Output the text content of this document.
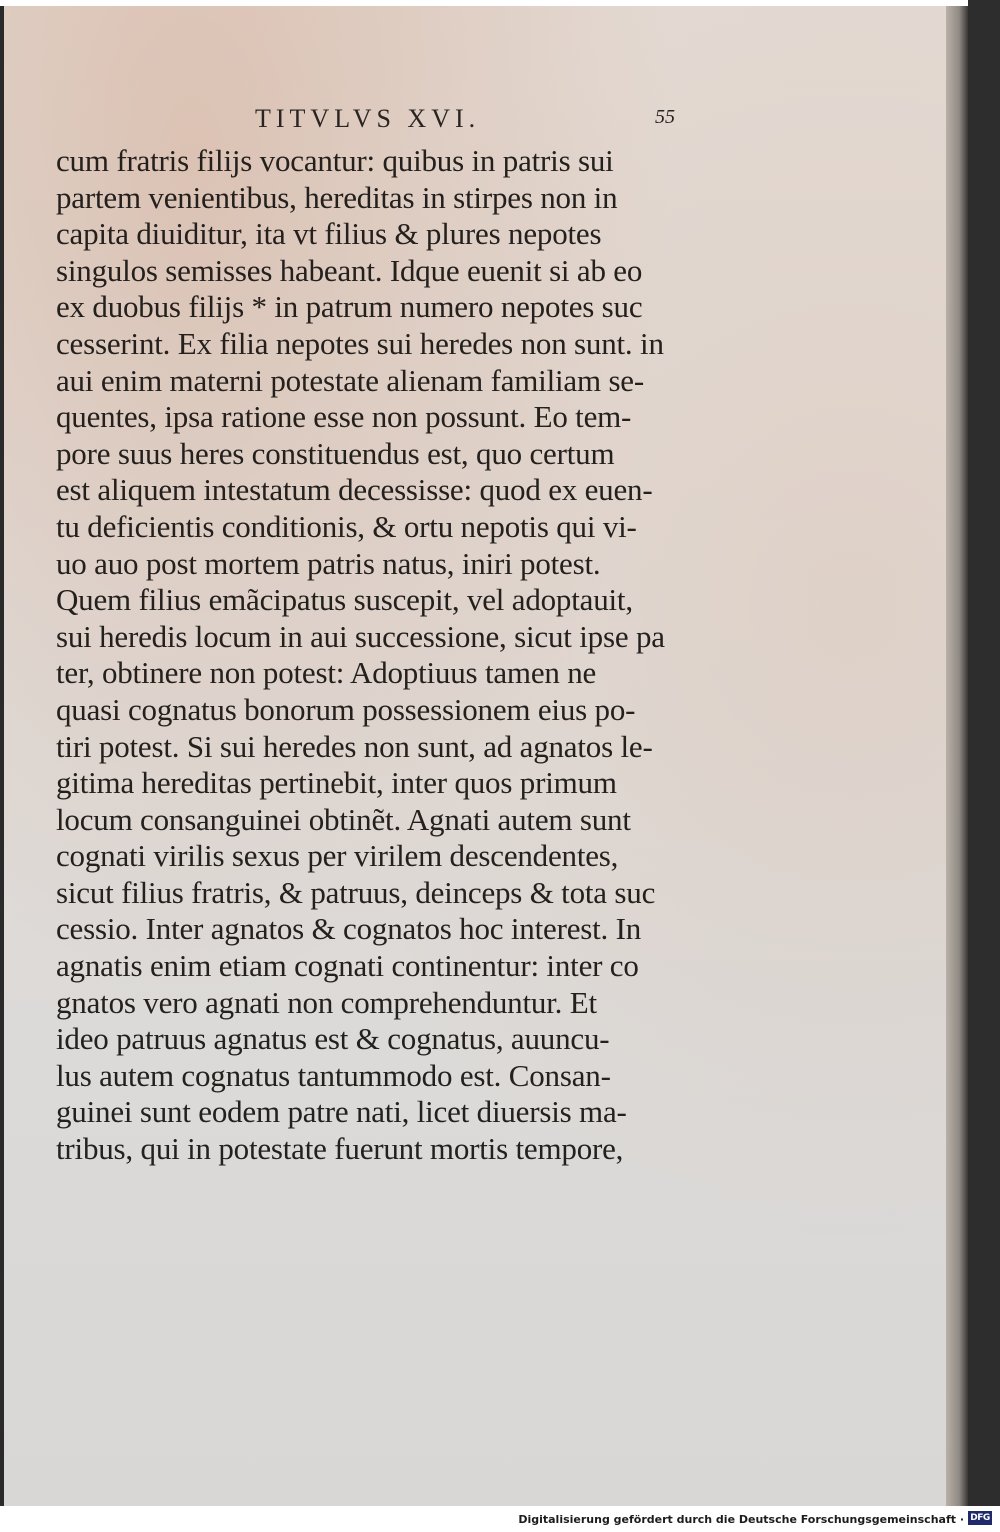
TITVLVS XVI.	55
cum fratris filijs vocantur: quibus in patris sui
partem venientibus, hereditas in stirpes non in
capita diuiditur, ita vt filius & plures nepotes
singulos semisses habeant. Idque euenit si ab eo
ex duobus filijs * in patrum numero nepotes suc
cesserint. Ex filia nepotes sui heredes non sunt. in
aui enim materni potestate alienam familiam se-
quentes, ipsa ratione esse non possunt. Eo tem-
pore suus heres constituendus est, quo certum
est aliquem intestatum decessisse: quod ex euen-
tu deficientis conditionis, & ortu nepotis qui vi-
uo auo post mortem patris natus, iniri potest.
Quem filius emãcipatus suscepit, vel adoptauit,
sui heredis locum in aui successione, sicut ipse pa
ter, obtinere non potest: Adoptiuus tamen ne
quasi cognatus bonorum possessionem eius po-
tiri potest. Si sui heredes non sunt, ad agnatos le-
gitima hereditas pertinebit, inter quos primum
locum consanguinei obtinẽt. Agnati autem sunt
cognati virilis sexus per virilem descendentes,
sicut filius fratris, & patruus, deinceps & tota suc
cessio. Inter agnatos & cognatos hoc interest. In
agnatis enim etiam cognati continentur: inter co
gnatos vero agnati non comprehenduntur. Et
ideo patruus agnatus est & cognatus, auuncu-
lus autem cognatus tantummodo est. Consan-
guinei sunt eodem patre nati, licet diuersis ma-
tribus, qui in potestate fuerunt mortis tempore,
Digitalisierung gefördert durch die Deutsche Forschungsgemeinschaft · DFG
